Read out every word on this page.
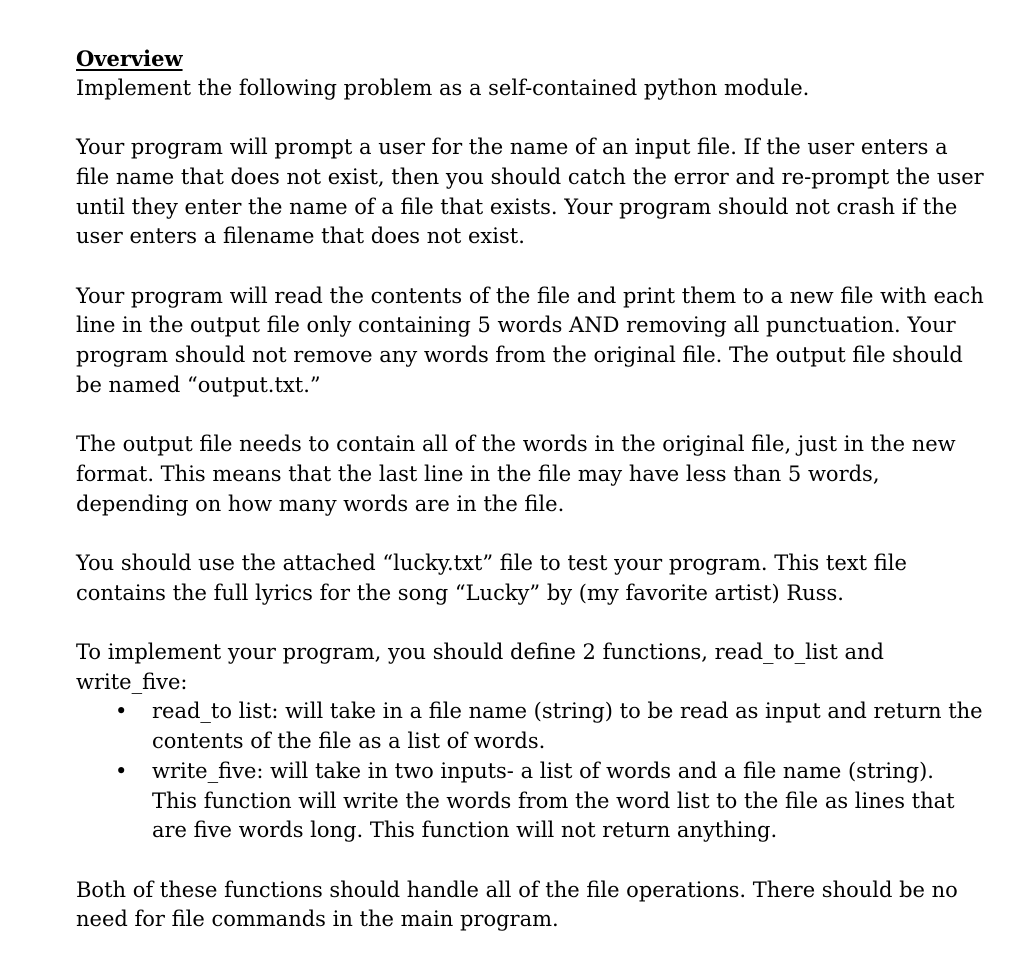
Overview
Implement the following problem as a self-contained python module.

Your program will prompt a user for the name of an input file. If the user enters a file name that does not exist, then you should catch the error and re-prompt the user until they enter the name of a file that exists. Your program should not crash if the user enters a filename that does not exist.

Your program will read the contents of the file and print them to a new file with each line in the output file only containing 5 words AND removing all punctuation. Your program should not remove any words from the original file. The output file should be named “output.txt.”

The output file needs to contain all of the words in the original file, just in the new format. This means that the last line in the file may have less than 5 words, depending on how many words are in the file.

You should use the attached “lucky.txt” file to test your program. This text file contains the full lyrics for the song “Lucky” by (my favorite artist) Russ.

To implement your program, you should define 2 functions, read_to_list and write_five:

• read_to list: will take in a file name (string) to be read as input and return the contents of the file as a list of words.
• write_five: will take in two inputs- a list of words and a file name (string). This function will write the words from the word list to the file as lines that are five words long. This function will not return anything.

Both of these functions should handle all of the file operations. There should be no need for file commands in the main program.
